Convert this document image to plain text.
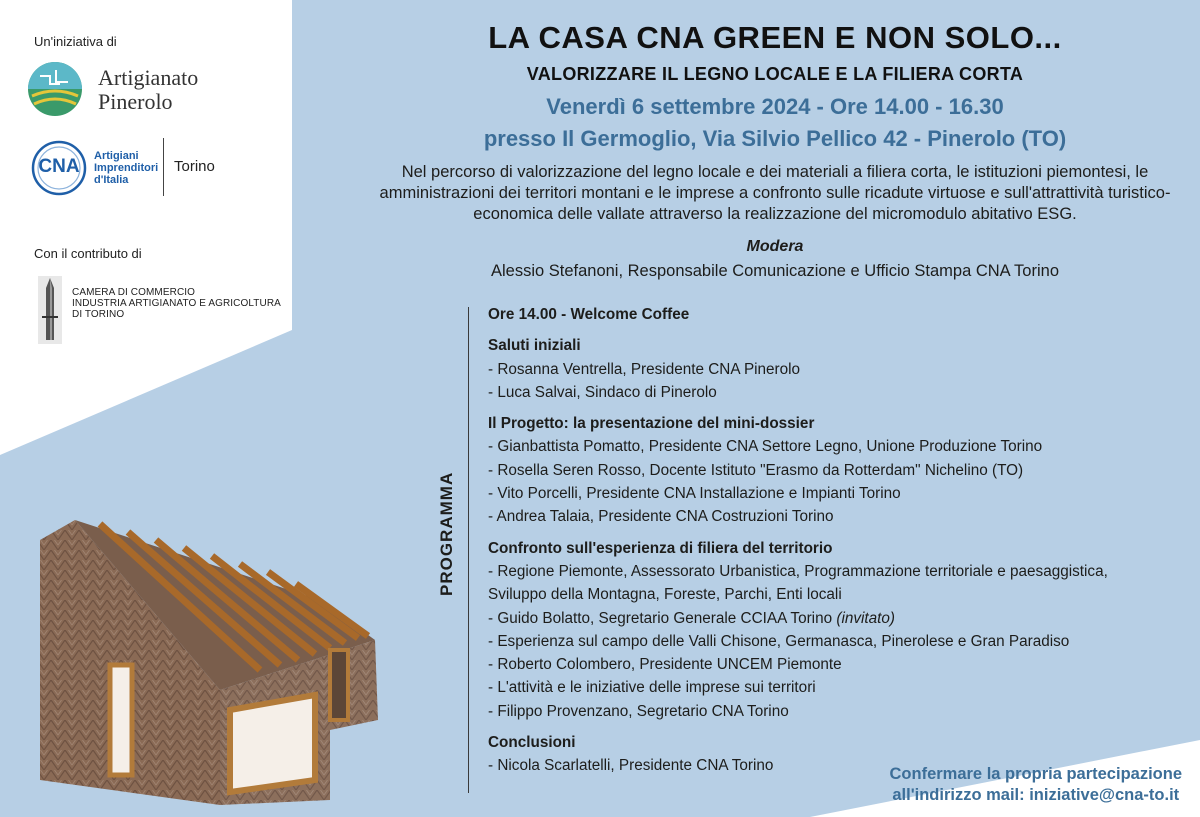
Un'iniziativa di
Artigianato
Pinerolo
CNA	Artigiani
Imprenditori
d'Italia
Torino
Con il contributo di
CAMERA DI COMMERCIO
INDUSTRIA ARTIGIANATO E AGRICOLTURA
DI TORINO
LA CASA CNA GREEN E NON SOLO...
VALORIZZARE IL LEGNO LOCALE E LA FILIERA CORTA
Venerdì 6 settembre 2024 - Ore 14.00 - 16.30
presso Il Germoglio, Via Silvio Pellico 42 - Pinerolo (TO)
Nel percorso di valorizzazione del legno locale e dei materiali a filiera corta, le istituzioni piemontesi, le amministrazioni dei territori montani e le imprese a confronto sulle ricadute virtuose e sull'attrattività turistico-economica delle vallate attraverso la realizzazione del micromodulo abitativo ESG.
Modera
Alessio Stefanoni, Responsabile Comunicazione e Ufficio Stampa CNA Torino
PROGRAMMA
Ore 14.00 - Welcome Coffee
Saluti iniziali
- Rosanna Ventrella, Presidente CNA Pinerolo
- Luca Salvai, Sindaco di Pinerolo
Il Progetto: la presentazione del mini-dossier
- Gianbattista Pomatto, Presidente CNA Settore Legno, Unione Produzione Torino
- Rosella Seren Rosso, Docente Istituto "Erasmo da Rotterdam" Nichelino (TO)
- Vito Porcelli, Presidente CNA Installazione e Impianti Torino
- Andrea Talaia, Presidente CNA Costruzioni Torino
Confronto sull'esperienza di filiera del territorio
- Regione Piemonte, Assessorato Urbanistica, Programmazione territoriale e paesaggistica,
Sviluppo della Montagna, Foreste, Parchi, Enti locali
- Guido Bolatto, Segretario Generale CCIAA Torino (invitato)
- Esperienza sul campo delle Valli Chisone, Germanasca, Pinerolese e Gran Paradiso
- Roberto Colombero, Presidente UNCEM Piemonte
- L'attività e le iniziative delle imprese sui territori
- Filippo Provenzano, Segretario CNA Torino
Conclusioni
- Nicola Scarlatelli, Presidente CNA Torino	Confermare la propria partecipazione
all'indirizzo mail: iniziative@cna-to.it
